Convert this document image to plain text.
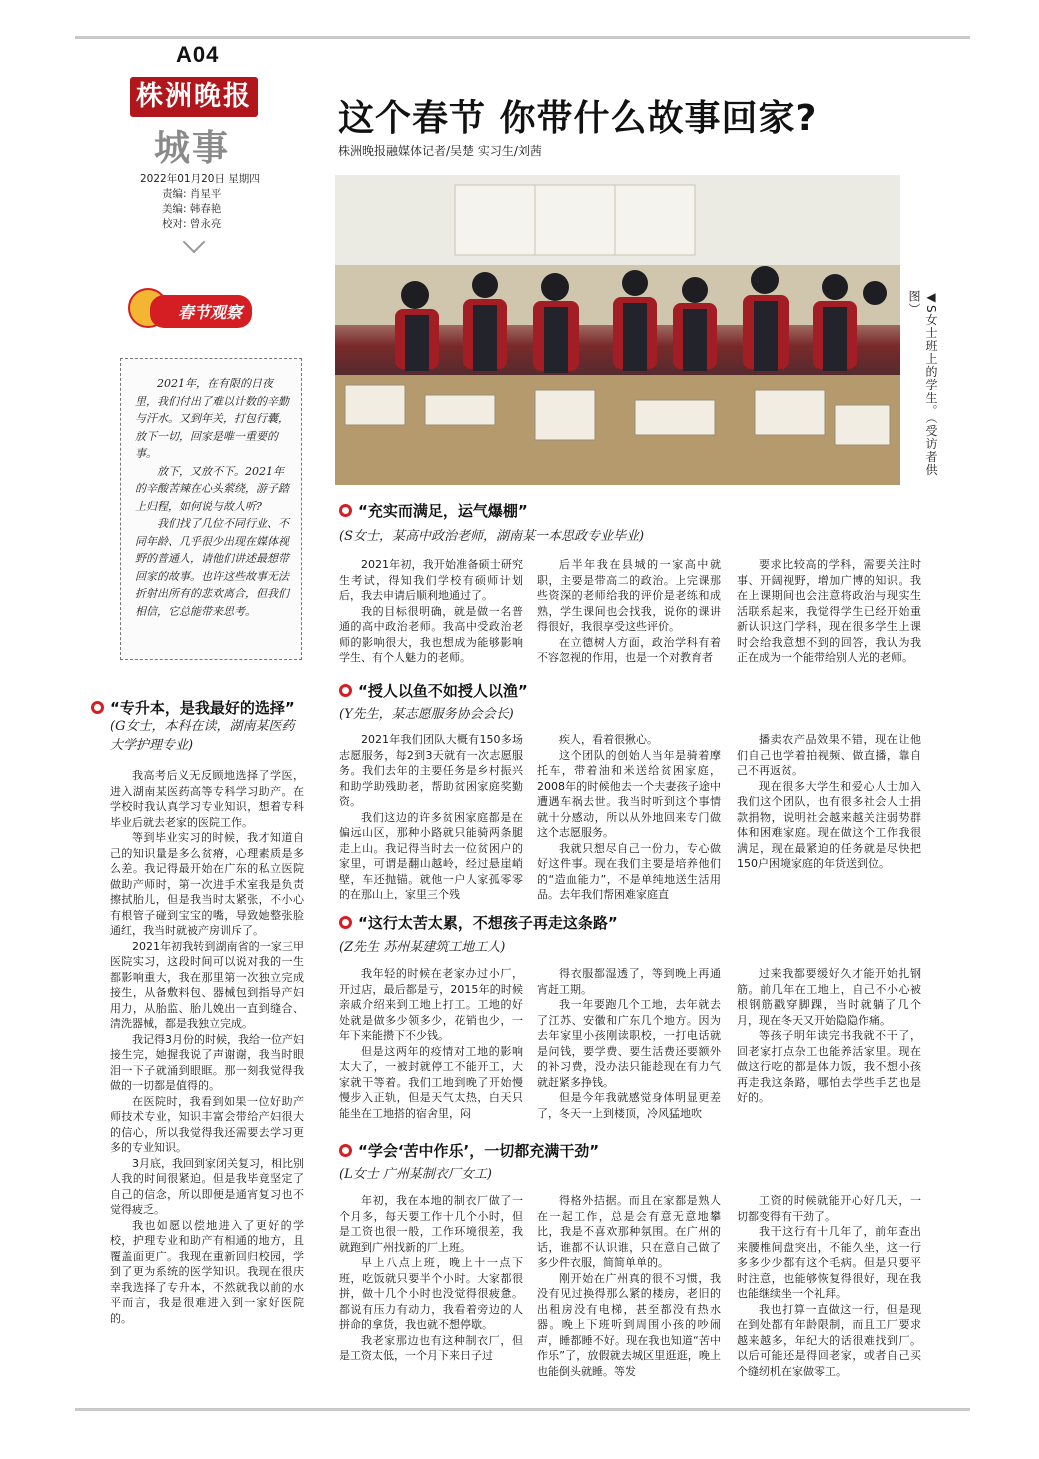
A04
株洲晚报
城事
2022年01月20日 星期四
责编: 肖星平
美编: 韩春艳
校对: 曾永亮
春节观察
这个春节 你带什么故事回家?
株洲晚报融媒体记者/吴楚 实习生/刘茜
◀S女士班上的学生。（受访者供图）

2021年，在有限的日夜里，我们付出了难以计数的辛勤与汗水。又到年关，打包行囊，放下一切，回家是唯一重要的事。

放下，又放不下。2021年的辛酸苦辣在心头萦绕，游子踏上归程，如何说与故人听?

我们找了几位不同行业、不同年龄、几乎很少出现在媒体视野的普通人，请他们讲述最想带回家的故事。也许这些故事无法折射出所有的悲欢离合，但我们相信，它总能带来思考。

“充实而满足，运气爆棚”
(S女士，某高中政治老师，湖南某一本思政专业毕业)

2021年初，我开始准备硕士研究生考试，得知我们学校有硕师计划后，我去申请后顺利地通过了。

我的目标很明确，就是做一名普通的高中政治老师。我高中受政治老师的影响很大，我也想成为能够影响学生、有个人魅力的老师。

后半年我在县城的一家高中就职，主要是带高二的政治。上完课那些资深的老师给我的评价是老练和成熟，学生课间也会找我，说你的课讲得很好，我很享受这些评价。

在立德树人方面，政治学科有着不容忽视的作用，也是一个对教育者

要求比较高的学科，需要关注时事、开阔视野，增加广博的知识。我在上课期间也会注意将政治与现实生活联系起来，我觉得学生已经开始重新认识这门学科，现在很多学生上课时会给我意想不到的回答，我认为我正在成为一个能带给别人光的老师。

“授人以鱼不如授人以渔”
(Y先生，某志愿服务协会会长)

2021年我们团队大概有150多场志愿服务，每2到3天就有一次志愿服务。我们去年的主要任务是乡村振兴和助学助残助老，帮助贫困家庭奖勤资。

我们这边的许多贫困家庭都是在偏远山区，那种小路就只能骑两条腿走上山。我记得当时去一位贫困户的家里，可谓是翻山越岭，经过悬崖峭壁，车还抛锚。就他一户人家孤零零的在那山上，家里三个残

疾人，看着很揪心。

这个团队的创始人当年是骑着摩托车，带着油和米送给贫困家庭，2008年的时候他去一个夫妻孩子途中遭遇车祸去世。我当时听到这个事情就十分感动，所以从外地回来专门做这个志愿服务。

我就只想尽自己一份力，专心做好这件事。现在我们主要是培养他们的“造血能力”，不是单纯地送生活用品。去年我们帮困难家庭直

播卖农产品效果不错，现在让他们自己也学着拍视频、做直播，靠自己不再返贫。

现在很多大学生和爱心人士加入我们这个团队，也有很多社会人士捐款捐物，说明社会越来越关注弱势群体和困难家庭。现在做这个工作我很满足，现在最紧迫的任务就是尽快把150户困境家庭的年货送到位。

“专升本，是我最好的选择”
(G女士，本科在读，湖南某医药大学护理专业)

我高考后义无反顾地选择了学医，进入湖南某医药高等专科学习助产。在学校时我认真学习专业知识，想着专科毕业后就去老家的医院工作。

等到毕业实习的时候，我才知道自己的知识量是多么贫瘠，心理素质是多么差。我记得最开始在广东的私立医院做助产师时，第一次进手术室我是负责擦拭胎儿，但是我当时太紧张，不小心有根管子碰到宝宝的嘴，导致她整张脸通红，我当时就被产房训斥了。

2021年初我转到湖南省的一家三甲医院实习，这段时间可以说对我的一生都影响重大，我在那里第一次独立完成接生，从备敷料包、器械包到指导产妇用力，从胎监、胎儿娩出一直到缝合、清洗器械，都是我独立完成。

我记得3月份的时候，我给一位产妇接生完，她握我说了声谢谢，我当时眼泪一下子就涌到眼眶。那一刻我觉得我做的一切都是值得的。

在医院时，我看到如果一位好助产师技术专业，知识丰富会带给产妇很大的信心，所以我觉得我还需要去学习更多的专业知识。

3月底，我回到家闭关复习，相比别人我的时间很紧迫。但是我毕竟坚定了自己的信念，所以即便是通宵复习也不觉得疲乏。

我也如愿以偿地进入了更好的学校，护理专业和助产有相通的地方，且覆盖面更广。我现在重新回归校园，学到了更为系统的医学知识。我现在很庆幸我选择了专升本，不然就我以前的水平而言，我是很难进入到一家好医院的。

“这行太苦太累，不想孩子再走这条路”
(Z先生 苏州某建筑工地工人)

我年轻的时候在老家办过小厂，开过店，最后都是亏，2015年的时候亲戚介绍来到工地上打工。工地的好处就是做多少领多少，花销也少，一年下来能攒下不少钱。

但是这两年的疫情对工地的影响太大了，一被封就停工不能开工，大家就干等着。我们工地到晚了开始慢慢步入正轨，但是天气太热，白天只能坐在工地搭的宿舍里，闷

得衣服都湿透了，等到晚上再通宵赶工期。

我一年要跑几个工地，去年就去了江苏、安徽和广东几个地方。因为去年家里小孩刚读职校，一打电话就是问钱，要学费、要生活费还要额外的补习费，没办法只能趁现在有力气就赶紧多挣钱。

但是今年我就感觉身体明显更差了，冬天一上到楼顶，冷风猛地吹

过来我都要缓好久才能开始扎钢筋。前几年在工地上，自己不小心被根钢筋戳穿脚踝，当时就躺了几个月，现在冬天又开始隐隐作痛。

等孩子明年读完书我就不干了，回老家打点杂工也能养活家里。现在做这行吃的都是体力饭，我不想小孩再走我这条路，哪怕去学些手艺也是好的。

“学会‘苦中作乐’，一切都充满干劲”
(L女士 广州某制衣厂女工)

年初，我在本地的制衣厂做了一个月多，每天要工作十几个小时，但是工资也很一般，工作环境很差，我就跑到广州找新的厂上班。

早上八点上班，晚上十一点下班，吃饭就只要半个小时。大家都很拼，做十几个小时也没觉得很疲惫。都说有压力有动力，我看着旁边的人拼命的拿货，我也就不想停歇。

我老家那边也有这种制衣厂，但是工资太低，一个月下来日子过

得格外拮据。而且在家都是熟人在一起工作，总是会有意无意地攀比，我是不喜欢那种氛围。在广州的话，谁都不认识谁，只在意自己做了多少件衣服，简简单单的。

刚开始在广州真的很不习惯，我没有见过换得那么紧的楼房，老旧的出租房没有电梯，甚至都没有热水器。晚上下班听到周围小孩的吵闹声，睡都睡不好。现在我也知道“苦中作乐”了，放假就去城区里逛逛，晚上也能倒头就睡。等发

工资的时候就能开心好几天，一切都变得有干劲了。

我干这行有十几年了，前年查出来腰椎间盘突出，不能久坐，这一行多多少少都有这个毛病。但是只要平时注意，也能够恢复得很好，现在我也能继续坐一个礼拜。

我也打算一直做这一行，但是现在到处都有年龄限制，而且工厂要求越来越多，年纪大的话很难找到厂。以后可能还是得回老家，或者自己买个缝纫机在家做零工。
